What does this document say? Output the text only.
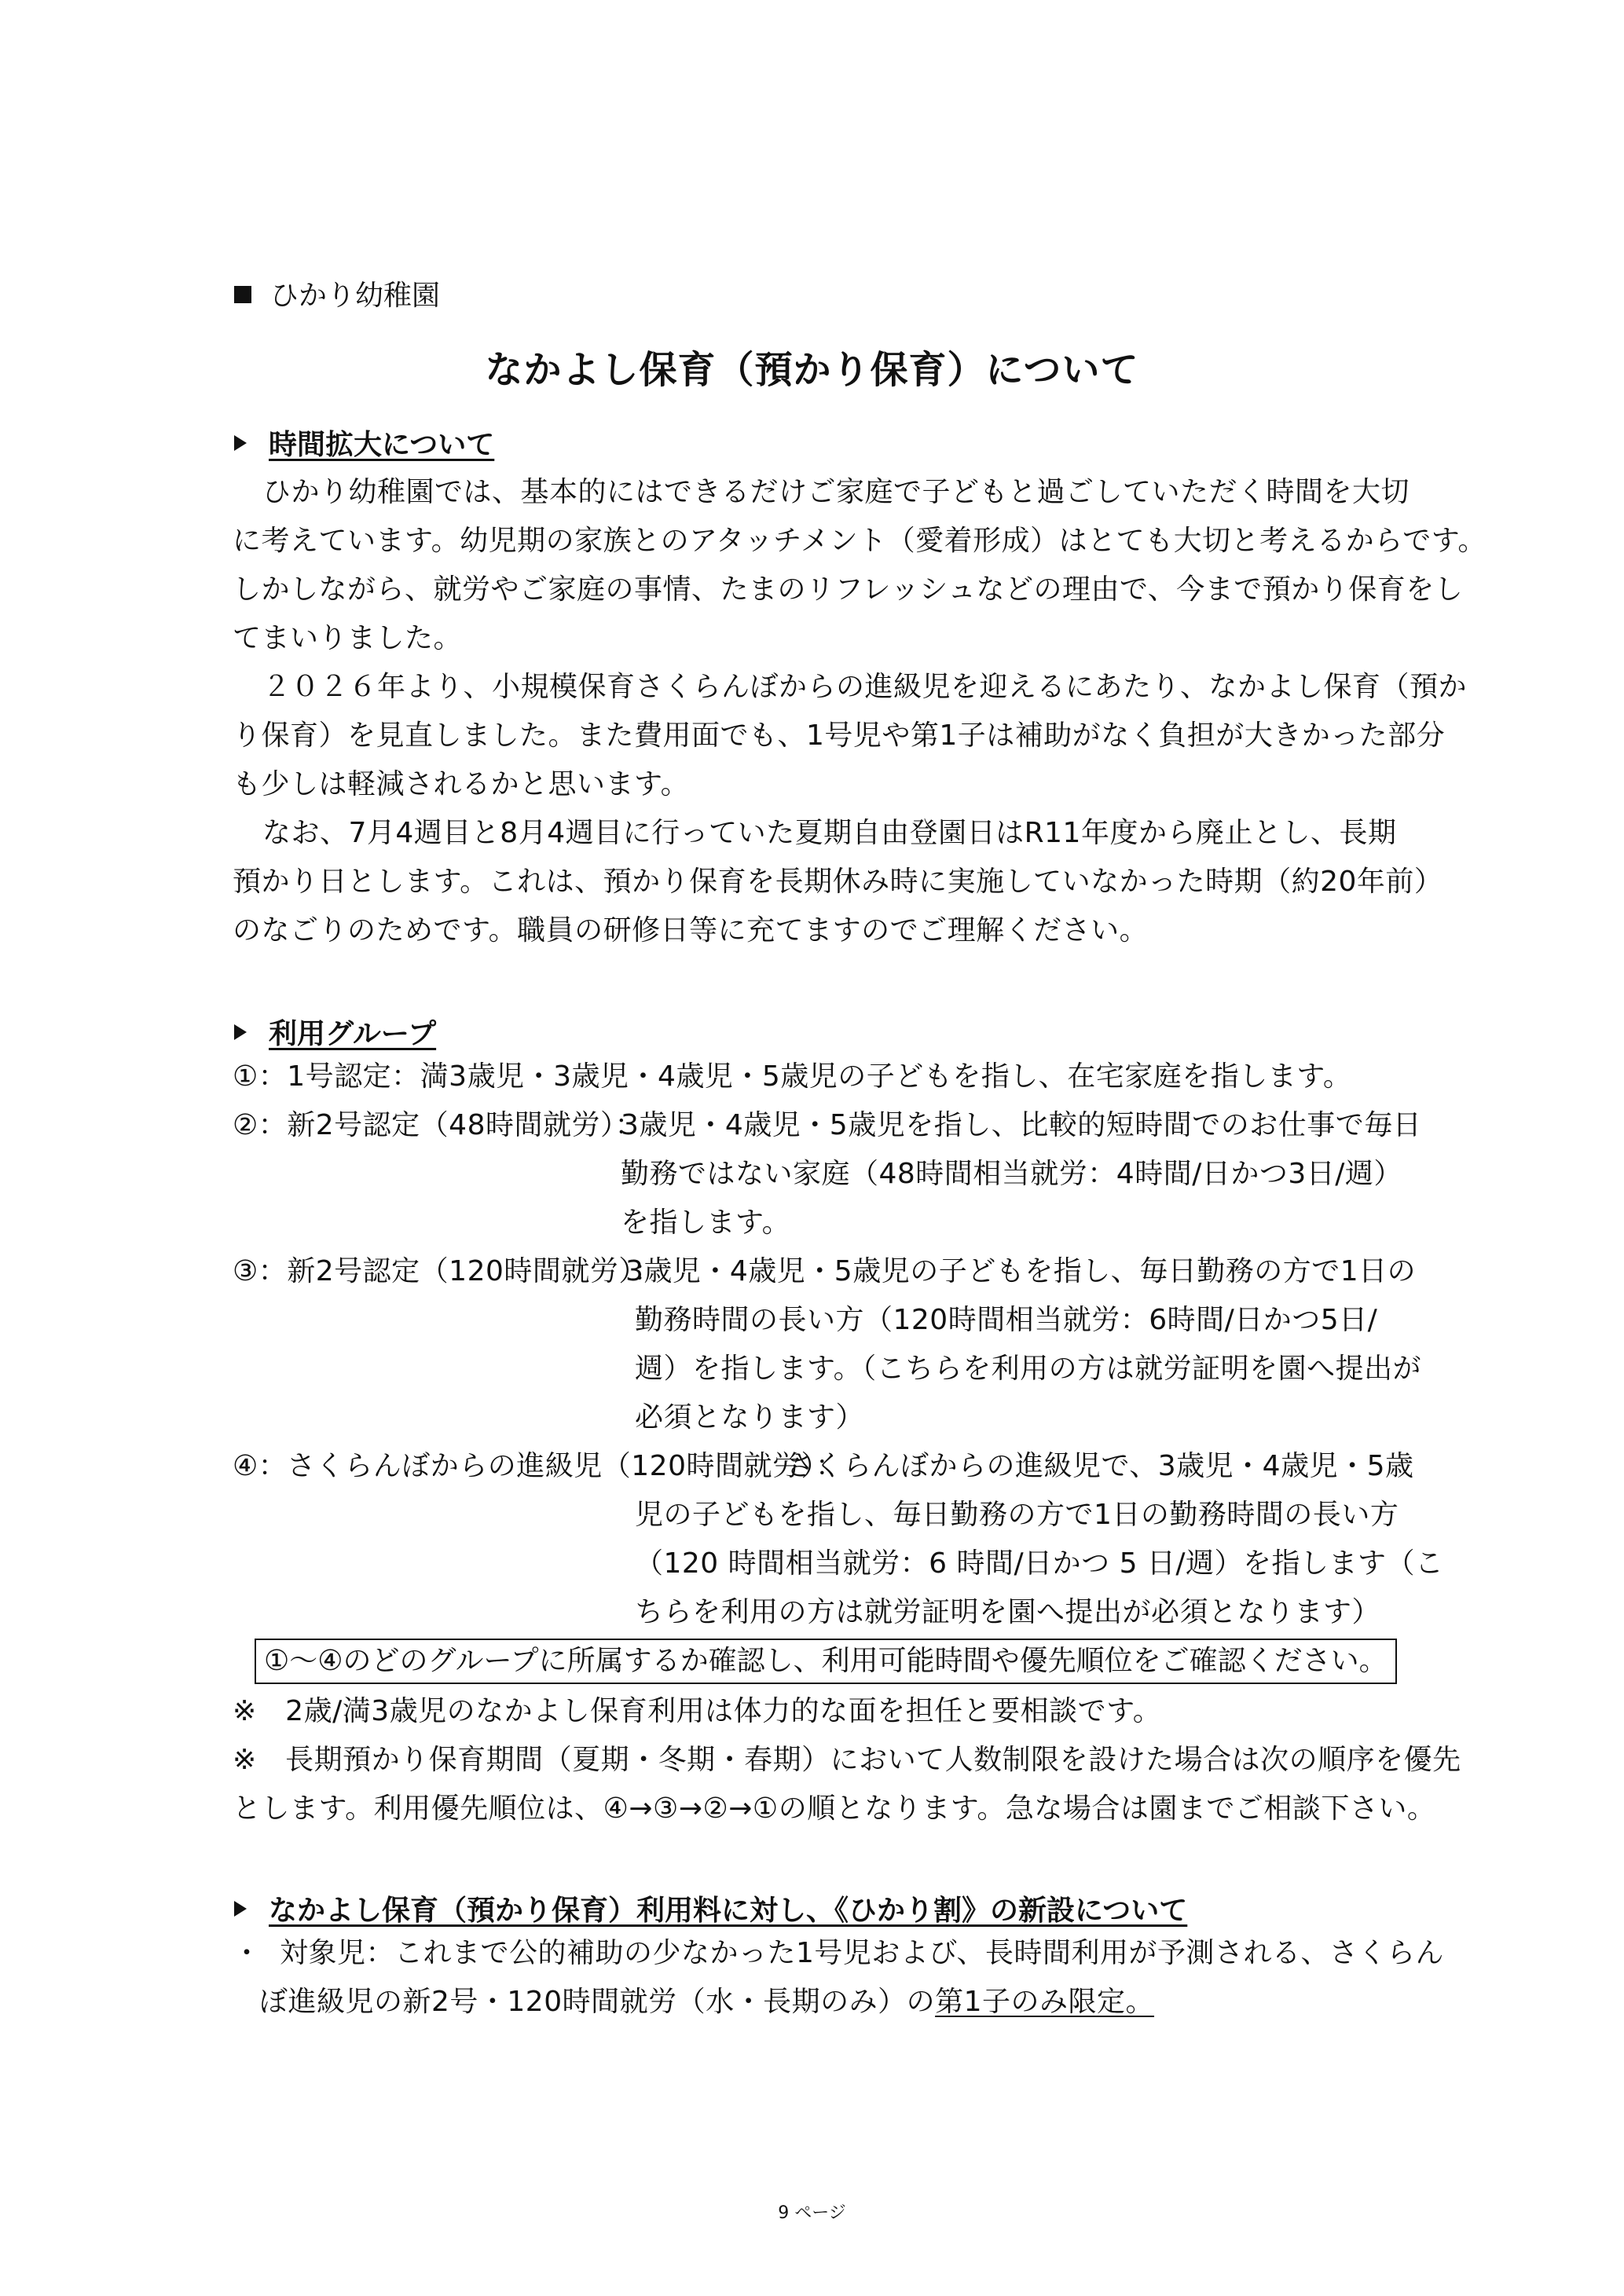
ひかり幼稚園
なかよし保育（預かり保育）について
時間拡大について
ひかり幼稚園では、基本的にはできるだけご家庭で子どもと過ごしていただく時間を大切
に考えています。幼児期の家族とのアタッチメント（愛着形成）はとても大切と考えるからです。
しかしながら、就労やご家庭の事情、たまのリフレッシュなどの理由で、今まで預かり保育をし
てまいりました。
２０２６年より、小規模保育さくらんぼからの進級児を迎えるにあたり、なかよし保育（預か
り保育）を見直しました。また費用面でも、1号児や第1子は補助がなく負担が大きかった部分
も少しは軽減されるかと思います。
なお、7月4週目と8月4週目に行っていた夏期自由登園日はR11年度から廃止とし、長期
預かり日とします。これは、預かり保育を長期休み時に実施していなかった時期（約20年前）
のなごりのためです。職員の研修日等に充てますのでご理解ください。
利用グループ
①：1号認定：満3歳児・3歳児・4歳児・5歳児の子どもを指し、在宅家庭を指します。
②：新2号認定（48時間就労）：
3歳児・4歳児・5歳児を指し、比較的短時間でのお仕事で毎日
勤務ではない家庭（48時間相当就労：4時間/日かつ3日/週）
を指します。
③：新2号認定（120時間就労）：
3歳児・4歳児・5歳児の子どもを指し、毎日勤務の方で1日の
勤務時間の長い方（120時間相当就労：6時間/日かつ5日/
週）を指します。（こちらを利用の方は就労証明を園へ提出が
必須となります）
④：さくらんぼからの進級児（120時間就労）：
さくらんぼからの進級児で、3歳児・4歳児・5歳
児の子どもを指し、毎日勤務の方で1日の勤務時間の長い方
（120 時間相当就労：6 時間/日かつ 5 日/週）を指します（こ
ちらを利用の方は就労証明を園へ提出が必須となります）
①～④のどのグループに所属するか確認し、利用可能時間や優先順位をご確認ください。
※　2歳/満3歳児のなかよし保育利用は体力的な面を担任と要相談です。
※　長期預かり保育期間（夏期・冬期・春期）において人数制限を設けた場合は次の順序を優先
とします。利用優先順位は、④→③→②→①の順となります。急な場合は園までご相談下さい。
なかよし保育（預かり保育）利用料に対し、《ひかり割》の新設について
・ 対象児：これまで公的補助の少なかった1号児および、長時間利用が予測される、さくらん
ぼ進級児の新2号・120時間就労（水・長期のみ）の第1子のみ限定。
9 ページ
